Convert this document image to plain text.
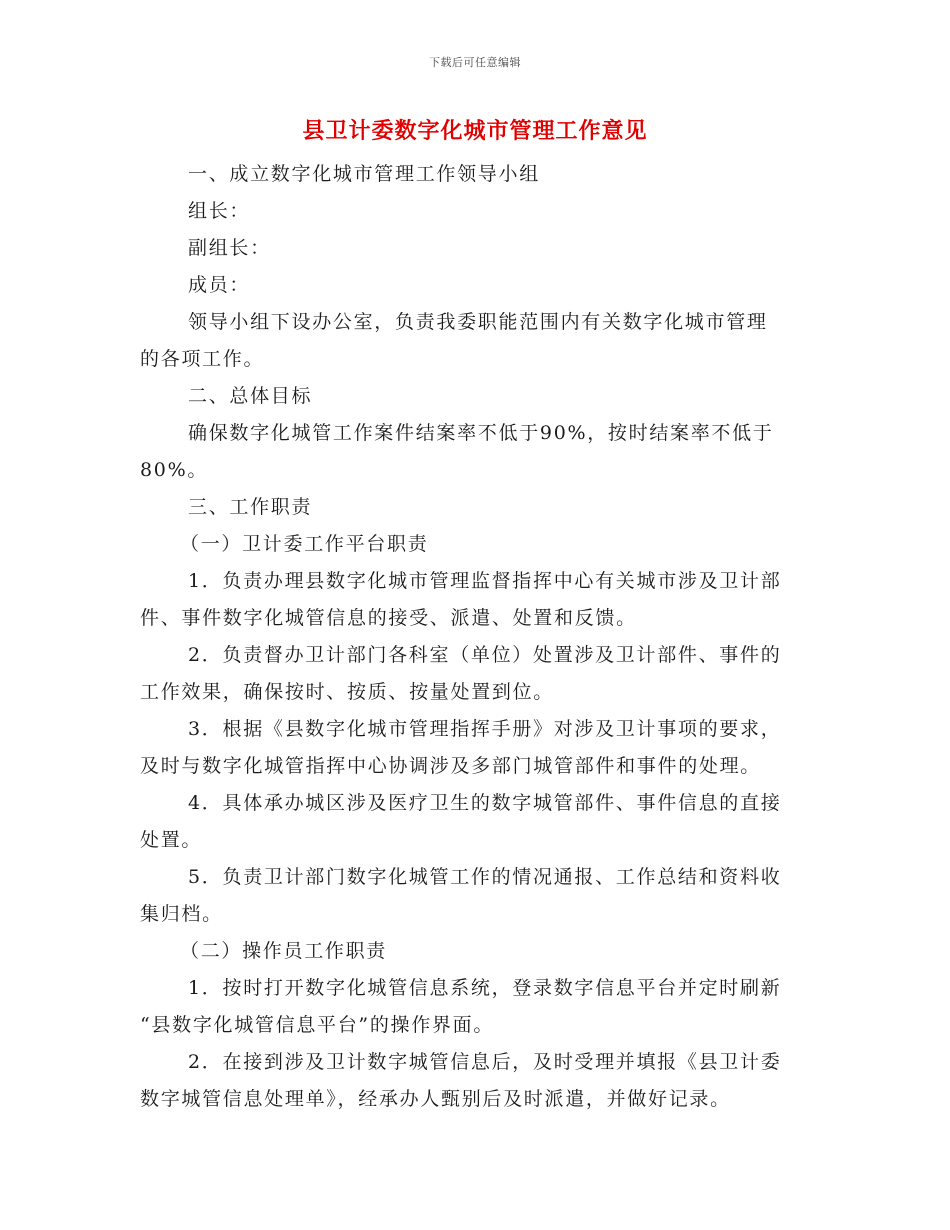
下载后可任意编辑
县卫计委数字化城市管理工作意见

一、成立数字化城市管理工作领导小组

组长：

副组长：

成员：

领导小组下设办公室，负责我委职能范围内有关数字化城市管理
的各项工作。

二、总体目标

确保数字化城管工作案件结案率不低于90%，按时结案率不低于
80%。

三、工作职责

（一）卫计委工作平台职责

1．负责办理县数字化城市管理监督指挥中心有关城市涉及卫计部
件、事件数字化城管信息的接受、派遣、处置和反馈。

2．负责督办卫计部门各科室（单位）处置涉及卫计部件、事件的
工作效果，确保按时、按质、按量处置到位。

3．根据《县数字化城市管理指挥手册》对涉及卫计事项的要求，
及时与数字化城管指挥中心协调涉及多部门城管部件和事件的处理。

4．具体承办城区涉及医疗卫生的数字城管部件、事件信息的直接
处置。

5．负责卫计部门数字化城管工作的情况通报、工作总结和资料收
集归档。

（二）操作员工作职责

1．按时打开数字化城管信息系统，登录数字信息平台并定时刷新
“县数字化城管信息平台”的操作界面。

2．在接到涉及卫计数字城管信息后，及时受理并填报《县卫计委
数字城管信息处理单》，经承办人甄别后及时派遣，并做好记录。
